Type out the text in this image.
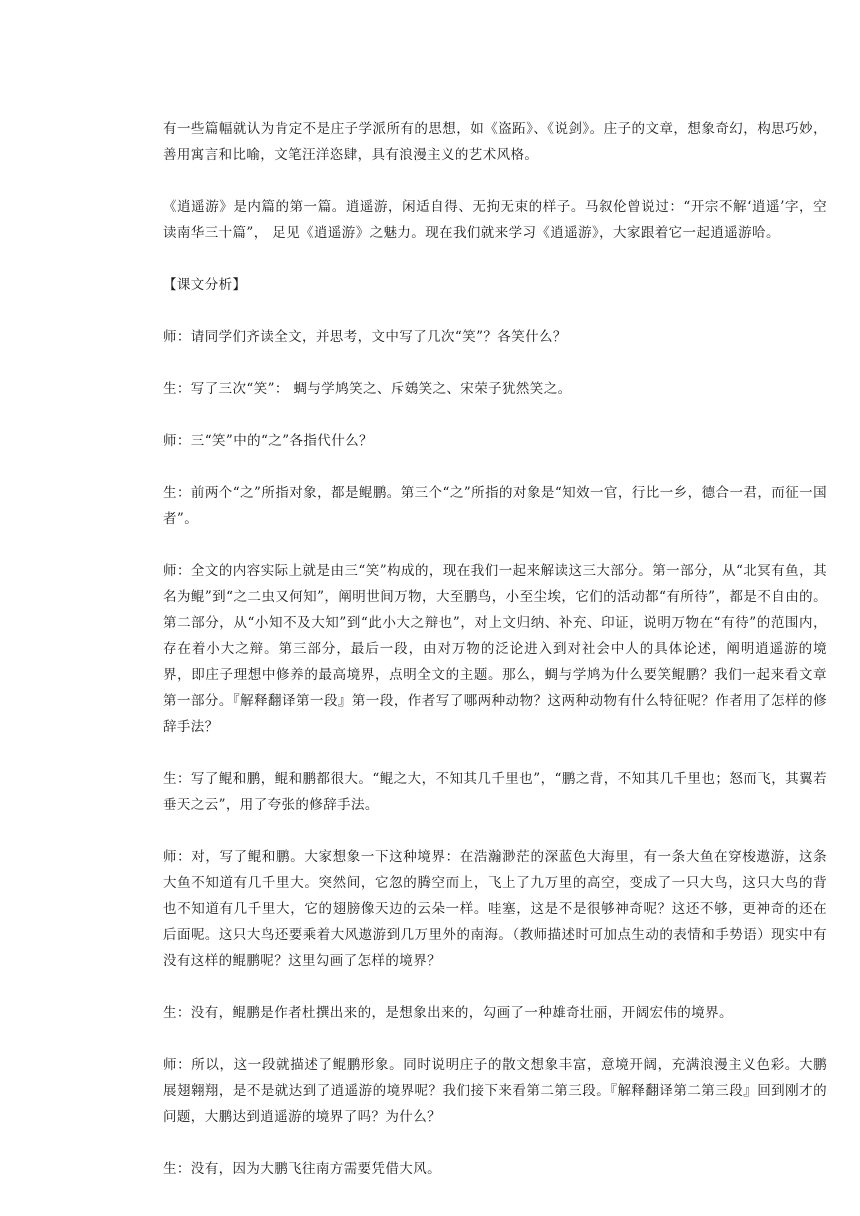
有一些篇幅就认为肯定不是庄子学派所有的思想，如《盗跖》、《说剑》。庄子的文章，想象奇幻，构思巧妙，善用寓言和比喻，文笔汪洋恣肆，具有浪漫主义的艺术风格。

《逍遥游》是内篇的第一篇。逍遥游，闲适自得、无拘无束的样子。马叙伦曾说过：“开宗不解‘逍遥’字，空读南华三十篇”， 足见《逍遥游》之魅力。现在我们就来学习《逍遥游》，大家跟着它一起逍遥游哈。

【课文分析】

师：请同学们齐读全文，并思考，文中写了几次“笑”？各笑什么？

生：写了三次“笑”： 蜩与学鸠笑之、斥鴳笑之、宋荣子犹然笑之。

师：三“笑”中的“之”各指代什么？

生：前两个“之”所指对象，都是鲲鹏。第三个“之”所指的对象是“知效一官，行比一乡，德合一君，而征一国者”。

师：全文的内容实际上就是由三“笑”构成的，现在我们一起来解读这三大部分。第一部分，从“北冥有鱼，其名为鲲”到“之二虫又何知”，阐明世间万物，大至鹏鸟，小至尘埃，它们的活动都“有所待”，都是不自由的。第二部分，从“小知不及大知”到“此小大之辩也”，对上文归纳、补充、印证，说明万物在“有待”的范围内，存在着小大之辩。第三部分，最后一段，由对万物的泛论进入到对社会中人的具体论述，阐明逍遥游的境界，即庄子理想中修养的最高境界，点明全文的主题。那么，蜩与学鸠为什么要笑鲲鹏？我们一起来看文章第一部分。『解释翻译第一段』第一段，作者写了哪两种动物？这两种动物有什么特征呢？作者用了怎样的修辞手法？

生：写了鲲和鹏，鲲和鹏都很大。“鲲之大，不知其几千里也”，“鹏之背，不知其几千里也；怒而飞，其翼若垂天之云”，用了夸张的修辞手法。

师：对，写了鲲和鹏。大家想象一下这种境界：在浩瀚渺茫的深蓝色大海里，有一条大鱼在穿梭遨游，这条大鱼不知道有几千里大。突然间，它忽的腾空而上，飞上了九万里的高空，变成了一只大鸟，这只大鸟的背也不知道有几千里大，它的翅膀像天边的云朵一样。哇塞，这是不是很够神奇呢？这还不够，更神奇的还在后面呢。这只大鸟还要乘着大风遨游到几万里外的南海。（教师描述时可加点生动的表情和手势语）现实中有没有这样的鲲鹏呢？这里勾画了怎样的境界？

生：没有，鲲鹏是作者杜撰出来的，是想象出来的，勾画了一种雄奇壮丽，开阔宏伟的境界。

师：所以，这一段就描述了鲲鹏形象。同时说明庄子的散文想象丰富，意境开阔，充满浪漫主义色彩。大鹏展翅翱翔，是不是就达到了逍遥游的境界呢？我们接下来看第二第三段。『解释翻译第二第三段』回到刚才的问题，大鹏达到逍遥游的境界了吗？为什么？

生：没有，因为大鹏飞往南方需要凭借大风。
